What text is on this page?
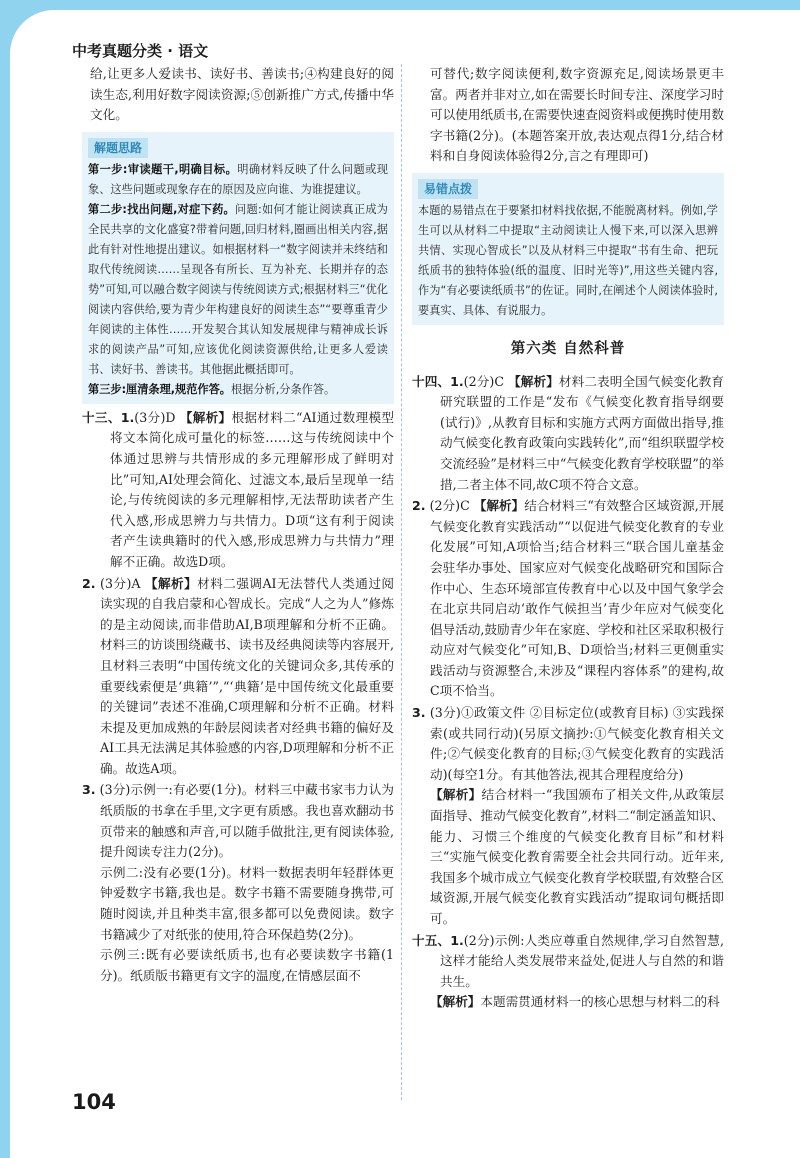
中考真题分类 · 语文

给,让更多人爱读书、读好书、善读书;④构建良好的阅读生态,利用好数字阅读资源;⑤创新推广方式,传播中华文化。

解题思路

第一步:审读题干,明确目标。明确材料反映了什么问题或现象、这些问题或现象存在的原因及应向谁、为谁提建议。

第二步:找出问题,对症下药。问题:如何才能让阅读真正成为全民共享的文化盛宴?带着问题,回归材料,圈画出相关内容,据此有针对性地提出建议。如根据材料一“数字阅读并未终结和取代传统阅读……呈现各有所长、互为补充、长期并存的态势”可知,可以融合数字阅读与传统阅读方式;根据材料三“优化阅读内容供给,要为青少年构建良好的阅读生态”“要尊重青少年阅读的主体性……开发契合其认知发展规律与精神成长诉求的阅读产品”可知,应该优化阅读资源供给,让更多人爱读书、读好书、善读书。其他据此概括即可。

第三步:厘清条理,规范作答。根据分析,分条作答。

十三、1.(3分)D 【解析】根据材料二“AI通过数理模型将文本简化成可量化的标签……这与传统阅读中个体通过思辨与共情形成的多元理解形成了鲜明对比”可知,AI处理会简化、过滤文本,最后呈现单一结论,与传统阅读的多元理解相悖,无法帮助读者产生代入感,形成思辨力与共情力。D项“这有利于阅读者产生读典籍时的代入感,形成思辨力与共情力”理解不正确。故选D项。

2. (3分)A 【解析】材料二强调AI无法替代人类通过阅读实现的自我启蒙和心智成长。完成“人之为人”修炼的是主动阅读,而非借助AI,B项理解和分析不正确。材料三的访谈围绕藏书、读书及经典阅读等内容展开,且材料三表明“中国传统文化的关键词众多,其传承的重要线索便是‘典籍’”,“‘典籍’是中国传统文化最重要的关键词”表述不准确,C项理解和分析不正确。材料未提及更加成熟的年龄层阅读者对经典书籍的偏好及AI工具无法满足其体验感的内容,D项理解和分析不正确。故选A项。

3. (3分)示例一:有必要(1分)。材料三中藏书家韦力认为纸质版的书拿在手里,文字更有质感。我也喜欢翻动书页带来的触感和声音,可以随手做批注,更有阅读体验,提升阅读专注力(2分)。

示例二:没有必要(1分)。材料一数据表明年轻群体更钟爱数字书籍,我也是。数字书籍不需要随身携带,可随时阅读,并且种类丰富,很多都可以免费阅读。数字书籍减少了对纸张的使用,符合环保趋势(2分)。

示例三:既有必要读纸质书,也有必要读数字书籍(1分)。纸质版书籍更有文字的温度,在情感层面不

可替代;数字阅读便利,数字资源充足,阅读场景更丰富。两者并非对立,如在需要长时间专注、深度学习时可以使用纸质书,在需要快速查阅资料或便携时使用数字书籍(2分)。(本题答案开放,表达观点得1分,结合材料和自身阅读体验得2分,言之有理即可)

易错点拨

本题的易错点在于要紧扣材料找依据,不能脱离材料。例如,学生可以从材料二中提取“主动阅读让人慢下来,可以深入思辨共情、实现心智成长”以及从材料三中提取“书有生命、把玩纸质书的独特体验(纸的温度、旧时光等)”,用这些关键内容,作为“有必要读纸质书”的佐证。同时,在阐述个人阅读体验时,要真实、具体、有说服力。

第六类 自然科普

十四、1.(2分)C 【解析】材料二表明全国气候变化教育研究联盟的工作是“发布《气候变化教育指导纲要(试行)》,从教育目标和实施方式两方面做出指导,推动气候变化教育政策向实践转化”,而“组织联盟学校交流经验”是材料三中“气候变化教育学校联盟”的举措,二者主体不同,故C项不符合文意。

2. (2分)C 【解析】结合材料三“有效整合区域资源,开展气候变化教育实践活动”“以促进气候变化教育的专业化发展”可知,A项恰当;结合材料三“联合国儿童基金会驻华办事处、国家应对气候变化战略研究和国际合作中心、生态环境部宣传教育中心以及中国气象学会在北京共同启动‘敢作气候担当’青少年应对气候变化倡导活动,鼓励青少年在家庭、学校和社区采取积极行动应对气候变化”可知,B、D项恰当;材料三更侧重实践活动与资源整合,未涉及“课程内容体系”的建构,故C项不恰当。

3. (3分)①政策文件 ②目标定位(或教育目标) ③实践探索(或共同行动)(另原文摘抄:①气候变化教育相关文件;②气候变化教育的目标;③气候变化教育的实践活动)(每空1分。有其他答法,视其合理程度给分)

【解析】结合材料一“我国颁布了相关文件,从政策层面指导、推动气候变化教育”,材料二“制定涵盖知识、能力、习惯三个维度的气候变化教育目标”和材料三“实施气候变化教育需要全社会共同行动。近年来,我国多个城市成立气候变化教育学校联盟,有效整合区域资源,开展气候变化教育实践活动”提取词句概括即可。

十五、1.(2分)示例:人类应尊重自然规律,学习自然智慧,这样才能给人类发展带来益处,促进人与自然的和谐共生。

【解析】本题需贯通材料一的核心思想与材料二的科

104
